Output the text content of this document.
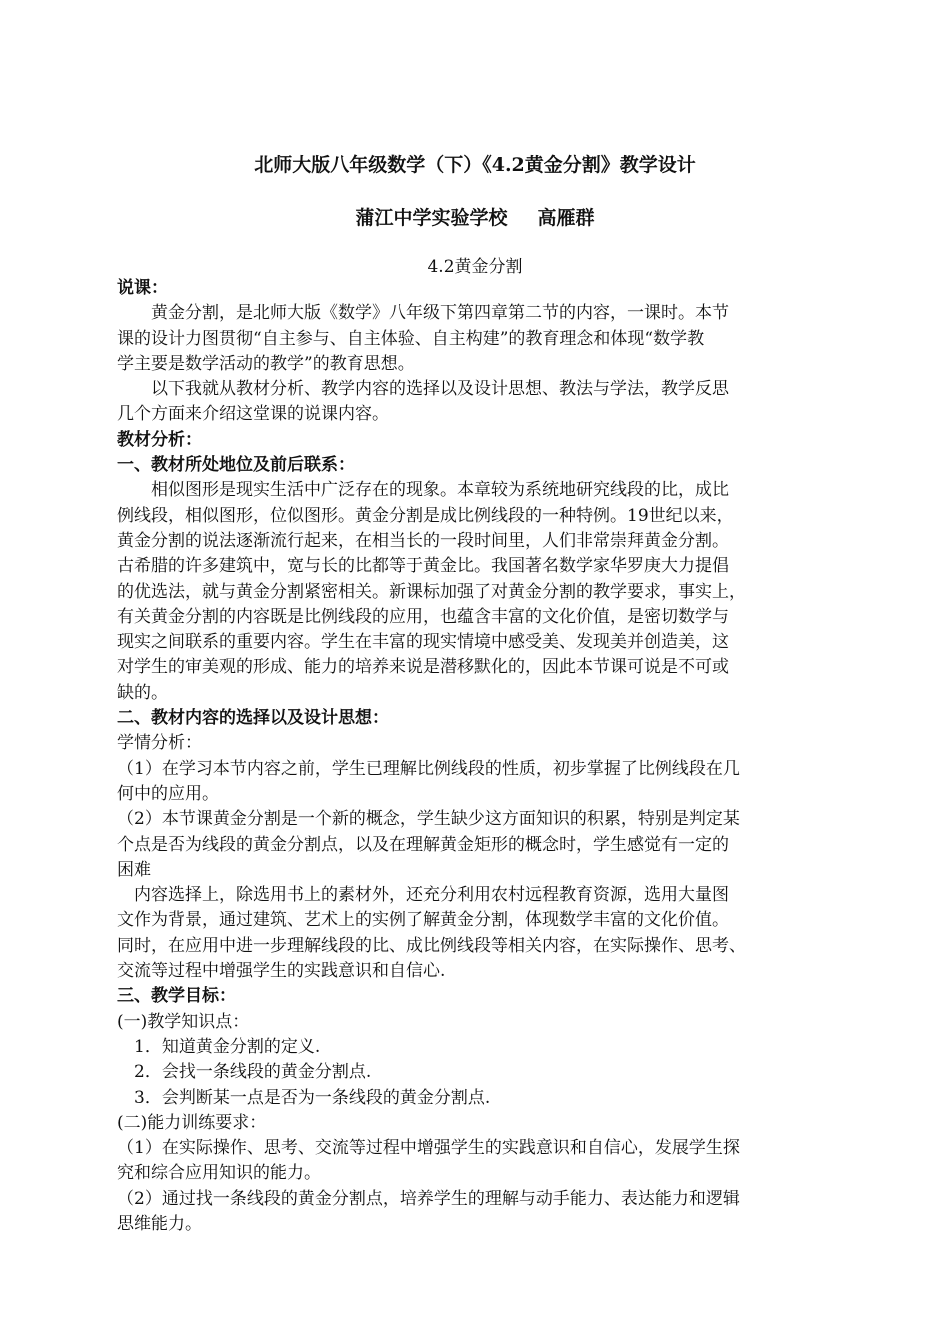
北师大版八年级数学（下）《4.2黄金分割》教学设计
蒲江中学实验学校 高雁群
4.2黄金分割
说课：
黄金分割，是北师大版《数学》八年级下第四章第二节的内容，一课时。本节
课的设计力图贯彻“自主参与、自主体验、自主构建”的教育理念和体现“数学教
学主要是数学活动的教学”的教育思想。
以下我就从教材分析、教学内容的选择以及设计思想、教法与学法，教学反思
几个方面来介绍这堂课的说课内容。
教材分析：
一、教材所处地位及前后联系：
相似图形是现实生活中广泛存在的现象。本章较为系统地研究线段的比，成比
例线段，相似图形，位似图形。黄金分割是成比例线段的一种特例。19世纪以来，
黄金分割的说法逐渐流行起来，在相当长的一段时间里，人们非常崇拜黄金分割。
古希腊的许多建筑中，宽与长的比都等于黄金比。我国著名数学家华罗庚大力提倡
的优选法，就与黄金分割紧密相关。新课标加强了对黄金分割的教学要求，事实上，
有关黄金分割的内容既是比例线段的应用，也蕴含丰富的文化价值，是密切数学与
现实之间联系的重要内容。学生在丰富的现实情境中感受美、发现美并创造美，这
对学生的审美观的形成、能力的培养来说是潜移默化的，因此本节课可说是不可或
缺的。
二、教材内容的选择以及设计思想：
学情分析：
（1）在学习本节内容之前，学生已理解比例线段的性质，初步掌握了比例线段在几
何中的应用。
（2）本节课黄金分割是一个新的概念，学生缺少这方面知识的积累，特别是判定某
个点是否为线段的黄金分割点，以及在理解黄金矩形的概念时，学生感觉有一定的
困难
内容选择上，除选用书上的素材外，还充分利用农村远程教育资源，选用大量图
文作为背景，通过建筑、艺术上的实例了解黄金分割，体现数学丰富的文化价值。
同时，在应用中进一步理解线段的比、成比例线段等相关内容，在实际操作、思考、
交流等过程中增强学生的实践意识和自信心.
三、教学目标：
(一)教学知识点：
1．知道黄金分割的定义.
2．会找一条线段的黄金分割点.
3．会判断某一点是否为一条线段的黄金分割点.
(二)能力训练要求：
（1）在实际操作、思考、交流等过程中增强学生的实践意识和自信心，发展学生探
究和综合应用知识的能力。
（2）通过找一条线段的黄金分割点，培养学生的理解与动手能力、表达能力和逻辑
思维能力。
